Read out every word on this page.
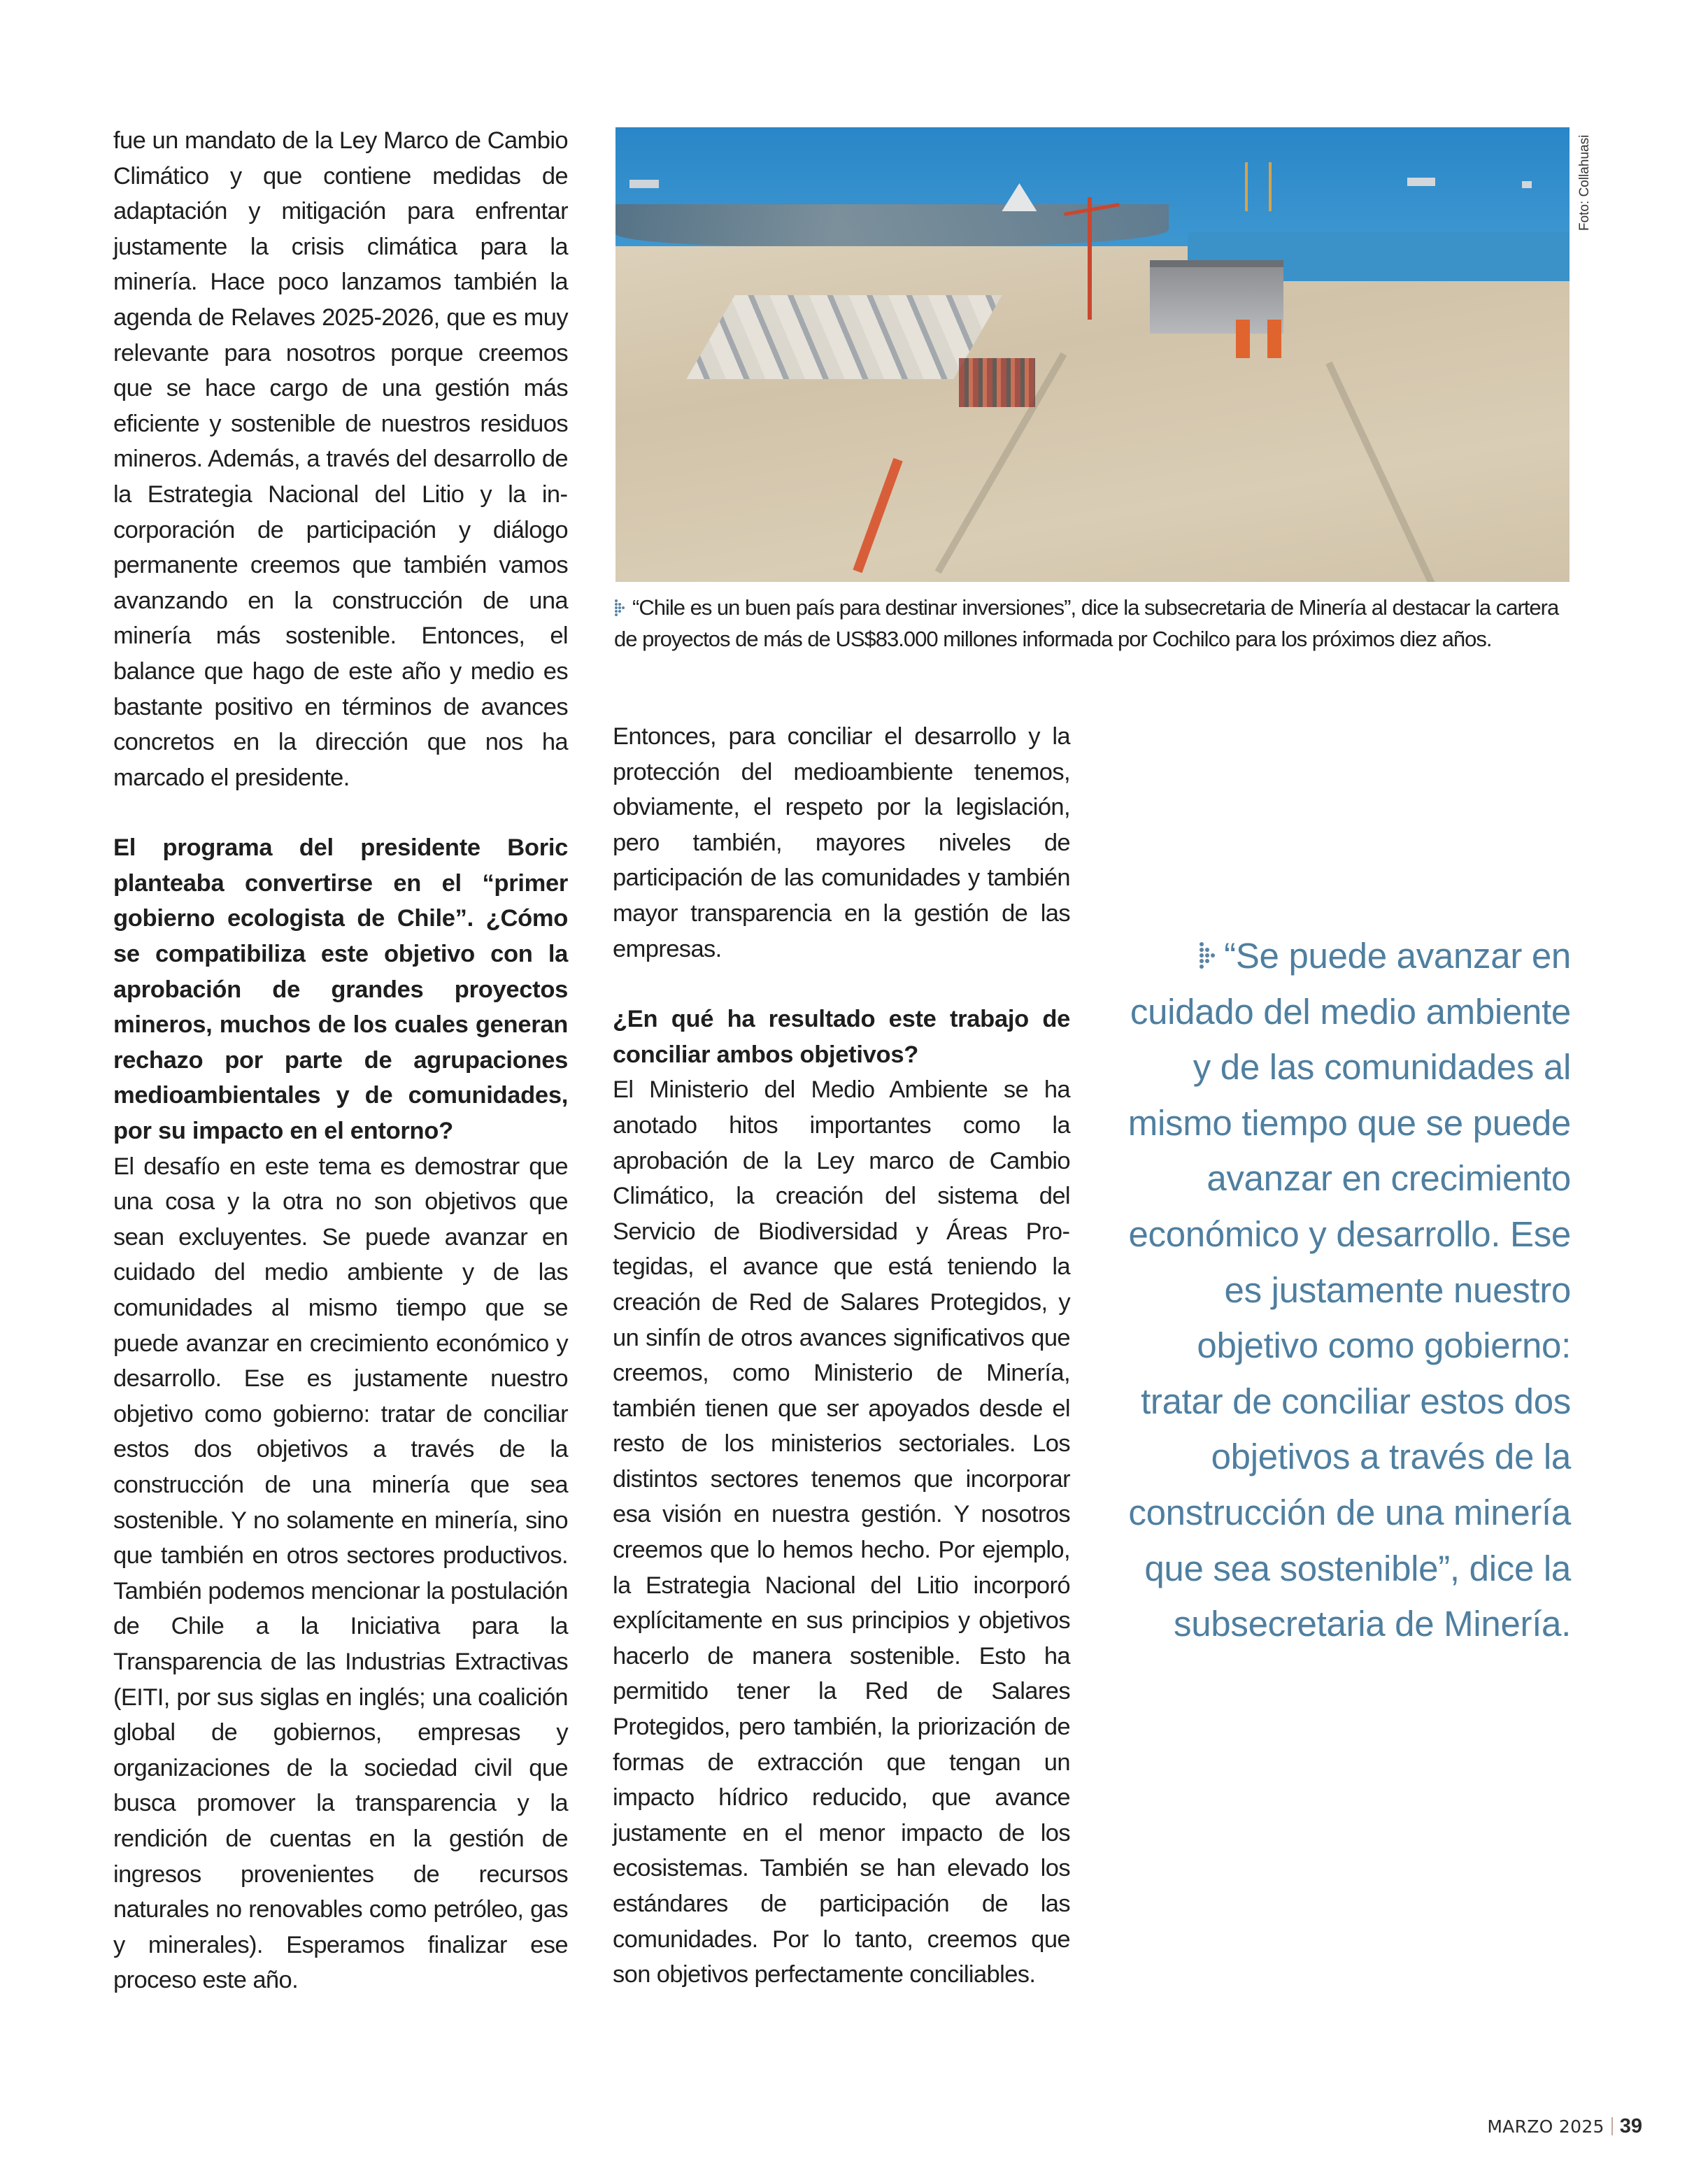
fue un mandato de la Ley Marco de Cambio Climático y que contiene medidas de adaptación y mitigación para enfrentar justamente la crisis climática para la minería. Hace poco lanzamos también la agenda de Relaves 2025-2026, que es muy relevante para nosotros porque creemos que se hace cargo de una gestión más eficiente y sostenible de nuestros residuos mineros. Además, a través del desarrollo de la Estrategia Nacional del Litio y la incorporación de participación y diálogo permanente creemos que también vamos avanzando en la construcción de una minería más sostenible. Entonces, el balance que hago de este año y medio es bastante positivo en términos de avances concretos en la dirección que nos ha marcado el presidente.

El programa del presidente Boric planteaba convertirse en el “primer gobierno ecologista de Chile”. ¿Cómo se compatibiliza este objetivo con la aprobación de grandes proyectos mineros, muchos de los cuales generan rechazo por parte de agrupaciones medioambientales y de comunidades, por su impacto en el entorno?

El desafío en este tema es demostrar que una cosa y la otra no son objetivos que sean excluyentes. Se puede avanzar en cuidado del medio ambiente y de las comunidades al mismo tiempo que se puede avanzar en crecimiento económico y desarrollo. Ese es justamente nuestro objetivo como gobierno: tratar de conciliar estos dos objetivos a través de la construcción de una minería que sea sostenible. Y no solamente en minería, sino que también en otros sectores productivos. También podemos mencionar la postulación de Chile a la Iniciativa para la Transparencia de las Industrias Extractivas (EITI, por sus siglas en inglés; una coalición global de gobiernos, empresas y organizaciones de la sociedad civil que busca promover la transparencia y la rendición de cuentas en la gestión de ingresos provenientes de recursos naturales no renovables como petróleo, gas y minerales). Esperamos finalizar ese proceso este año.

Foto: Collahuasi
“Chile es un buen país para destinar inversiones”, dice la subsecretaria de Minería al destacar la cartera de proyectos de más de US$83.000 millones informada por Cochilco para los próximos diez años.

Entonces, para conciliar el desarrollo y la protección del medioambiente tenemos, obviamente, el respeto por la legislación, pero también, mayores niveles de participación de las comunidades y también mayor transparencia en la gestión de las empresas.

¿En qué ha resultado este trabajo de conciliar ambos objetivos?

El Ministerio del Medio Ambiente se ha anotado hitos importantes como la aprobación de la Ley marco de Cambio Climático, la creación del sistema del Servicio de Biodiversidad y Áreas Protegidas, el avance que está teniendo la creación de Red de Salares Protegidos, y un sinfín de otros avances significativos que creemos, como Ministerio de Minería, también tienen que ser apoyados desde el resto de los ministerios sectoriales. Los distintos sectores tenemos que incorporar esa visión en nuestra gestión. Y nosotros creemos que lo hemos hecho. Por ejemplo, la Estrategia Nacional del Litio incorporó explícitamente en sus principios y objetivos hacerlo de manera sostenible. Esto ha permitido tener la Red de Salares Protegidos, pero también, la priorización de formas de extracción que tengan un impacto hídrico reducido, que avance justamente en el menor impacto de los ecosistemas. También se han elevado los estándares de participación de las comunidades. Por lo tanto, creemos que son objetivos perfectamente conciliables.

“Se puede avanzar en cuidado del medio ambiente y de las comunidades al mismo tiempo que se puede avanzar en crecimiento económico y desarrollo. Ese es justamente nuestro objetivo como gobierno: tratar de conciliar estos dos objetivos a través de la construcción de una minería que sea sostenible”, dice la subsecretaria de Minería.
MARZO 2025 39
